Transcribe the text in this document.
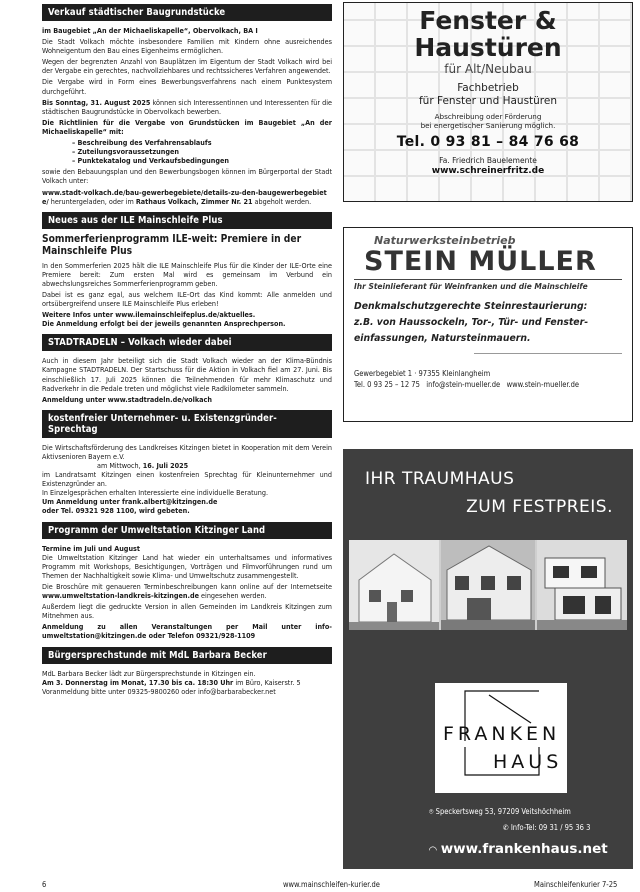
Verkauf städtischer Baugrundstücke

im Baugebiet „An der Michaeliskapelle“, Obervolkach, BA I

Die Stadt Volkach möchte insbesondere Familien mit Kindern ohne ausreichendes Wohneigentum den Bau eines Eigenheims ermöglichen.

Wegen der begrenzten Anzahl von Bauplätzen im Eigentum der Stadt Volkach wird bei der Vergabe ein gerechtes, nachvollziehbares und rechtssicheres Verfahren angewendet.

Die Vergabe wird in Form eines Bewerbungsverfahrens nach einem Punktesystem durchgeführt.

Bis Sonntag, 31. August 2025 können sich Interessentinnen und Interessenten für die städtischen Baugrundstücke in Obervolkach bewerben.

Die Richtlinien für die Vergabe von Grundstücken im Baugebiet „An der Michaeliskapelle“ mit:

– Beschreibung des Verfahrensablaufs
– Zuteilungsvoraussetzungen
– Punktekatalog und Verkaufsbedingungen

sowie den Bebauungsplan und den Bewerbungsbogen können im Bürgerportal der Stadt Volkach unter:

www.stadt-volkach.de/bau-gewerbegebiete/details-zu-den-baugewerbegebiete/ heruntergeladen, oder im Rathaus Volkach, Zimmer Nr. 21 abgeholt werden.

Neues aus der ILE Mainschleife Plus

Sommerferienprogramm ILE-weit: Premiere in der Mainschleife Plus

In den Sommerferien 2025 hält die ILE Mainschleife Plus für die Kinder der ILE-Orte eine Premiere bereit: Zum ersten Mal wird es gemeinsam im Verbund ein abwechslungsreiches Sommerferienprogramm geben.

Dabei ist es ganz egal, aus welchem ILE-Ort das Kind kommt: Alle anmelden und ortsübergreifend unsere ILE Mainschleife Plus erleben!

Weitere Infos unter www.ilemainschleifeplus.de/aktuelles.

Die Anmeldung erfolgt bei der jeweils genannten Ansprechperson.

STADTRADELN – Volkach wieder dabei

Auch in diesem Jahr beteiligt sich die Stadt Volkach wieder an der Klima-Bündnis Kampagne STADTRADELN. Der Startschuss für die Aktion in Volkach fiel am 27. Juni. Bis einschließlich 17. Juli 2025 können die Teilnehmenden für mehr Klimaschutz und Radverkehr in die Pedale treten und möglichst viele Radkilometer sammeln.

Anmeldung unter www.stadtradeln.de/volkach

kostenfreier Unternehmer- u. Existenzgründer-Sprechtag

Die Wirtschaftsförderung des Landkreises Kitzingen bietet in Kooperation mit dem Verein Aktivsenioren Bayern e.V.

am Mittwoch, 16. Juli 2025

im Landratsamt Kitzingen einen kostenfreien Sprechtag für Kleinunternehmer und Existenzgründer an.

In Einzelgesprächen erhalten Interessierte eine individuelle Beratung.

Um Anmeldung unter frank.albert@kitzingen.de

oder Tel. 09321 928 1100, wird gebeten.

Programm der Umweltstation Kitzinger Land

Termine im Juli und August

Die Umweltstation Kitzinger Land hat wieder ein unterhaltsames und informatives Programm mit Workshops, Besichtigungen, Vorträgen und Filmvorführungen rund um Themen der Nachhaltigkeit sowie Klima- und Umweltschutz zusammengestellt.

Die Broschüre mit genaueren Terminbeschreibungen kann online auf der Internetseite www.umweltstation-landkreis-kitzingen.de eingesehen werden.

Außerdem liegt die gedruckte Version in allen Gemeinden im Landkreis Kitzingen zum Mitnehmen aus.

Anmeldung zu allen Veranstaltungen per Mail unter info-umweltstation@kitzingen.de oder Telefon 09321/928-1109

Bürgersprechstunde mit MdL Barbara Becker

MdL Barbara Becker lädt zur Bürgersprechstunde in Kitzingen ein.

Am 3. Donnerstag im Monat, 17.30 bis ca. 18:30 Uhr im Büro, Kaiserstr. 5

Voranmeldung bitte unter 09325-9800260 oder info@barbarabecker.net

Fenster &
Haustüren
für Alt/Neubau
Fachbetrieb
für Fenster und Haustüren
Abschreibung oder Förderung
bei energetischer Sanierung möglich.
Tel. 0 93 81 – 84 76 68
Fa. Friedrich Bauelemente
www.schreinerfritz.de
Naturwerksteinbetrieb
STEIN MÜLLER
Ihr Steinlieferant für Weinfranken und die Mainschleife
Denkmalschutzgerechte Steinrestaurierung:
z.B. von Haussockeln, Tor-, Tür- und Fenster-
einfassungen, Natursteinmauern.
Gewerbegebiet 1 · 97355 Kleinlangheim
Tel. 0 93 25 – 12 75   info@stein-mueller.de   www.stein-mueller.de
IHR TRAUMHAUS
ZUM FESTPREIS.
FRANKEN
HAUS
⌾ Speckertsweg 53, 97209 Veitshöchheim
✆ Info-Tel: 09 31 / 95 36 3
◠ www.frankenhaus.net
6	www.mainschleifen-kurier.de	Mainschleifenkurier 7-25
